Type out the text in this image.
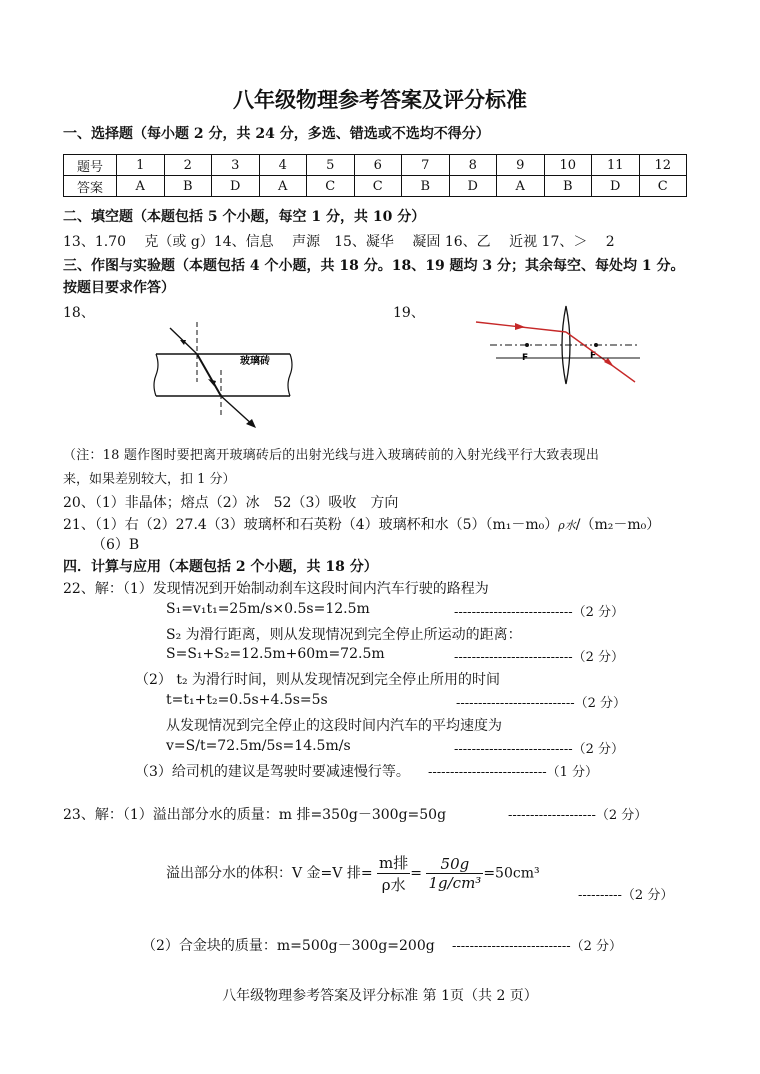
八年级物理参考答案及评分标准
一、选择题（每小题 2 分，共 24 分，多选、错选或不选均不得分）
题号	1	2	3	4	5	6	7	8	9	10	11	12
答案	A	B	D	A	C	C	B	D	A	B	D	C
二、填空题（本题包括 5 个小题，每空 1 分，共 10 分）
13、1.70　 克（或 g）14、信息　 声源　15、凝华　 凝固 16、乙　 近视 17、＞　 2
三、作图与实验题（本题包括 4 个小题，共 18 分。18、19 题均 3 分；其余每空、每处均 1 分。
按题目要求作答）
18、	19、
玻璃砖	F	F
（注：18 题作图时要把离开玻璃砖后的出射光线与进入玻璃砖前的入射光线平行大致表现出
来，如果差别较大，扣 1 分）
20、（1）非晶体；熔点（2）冰　52（3）吸收　方向
21、（1）右（2）27.4（3）玻璃杯和石英粉（4）玻璃杯和水（5）（m₁－m₀）ρ水/（m₂－m₀）
（6）B
四．计算与应用（本题包括 2 个小题，共 18 分）
22、解：（1）发现情况到开始制动刹车这段时间内汽车行驶的路程为
S₁=v₁t₁=25m/s×0.5s=12.5m	---------------------------（2 分）
S₂ 为滑行距离，则从发现情况到完全停止所运动的距离：
S=S₁+S₂=12.5m+60m=72.5m	---------------------------（2 分）
（2） t₂ 为滑行时间，则从发现情况到完全停止所用的时间
t=t₁+t₂=0.5s+4.5s=5s	---------------------------（2 分）
从发现情况到完全停止的这段时间内汽车的平均速度为
v=S/t=72.5m/5s=14.5m/s	---------------------------（2 分）
（3）给司机的建议是驾驶时要减速慢行等。 ---------------------------（1 分）
23、解：（1）溢出部分水的质量：m 排=350g－300g=50g	--------------------（2 分）
溢出部分水的体积：V 金=V 排= $\frac{\text{m排}}{\text{ρ水}} = \frac{50g}{\text{1g/cm³}} =50cm^3$
----------（2 分）
（2）合金块的质量：m=500g－300g=200g ---------------------------（2 分）
八年级物理参考答案及评分标准 第 1页（共 2 页）
